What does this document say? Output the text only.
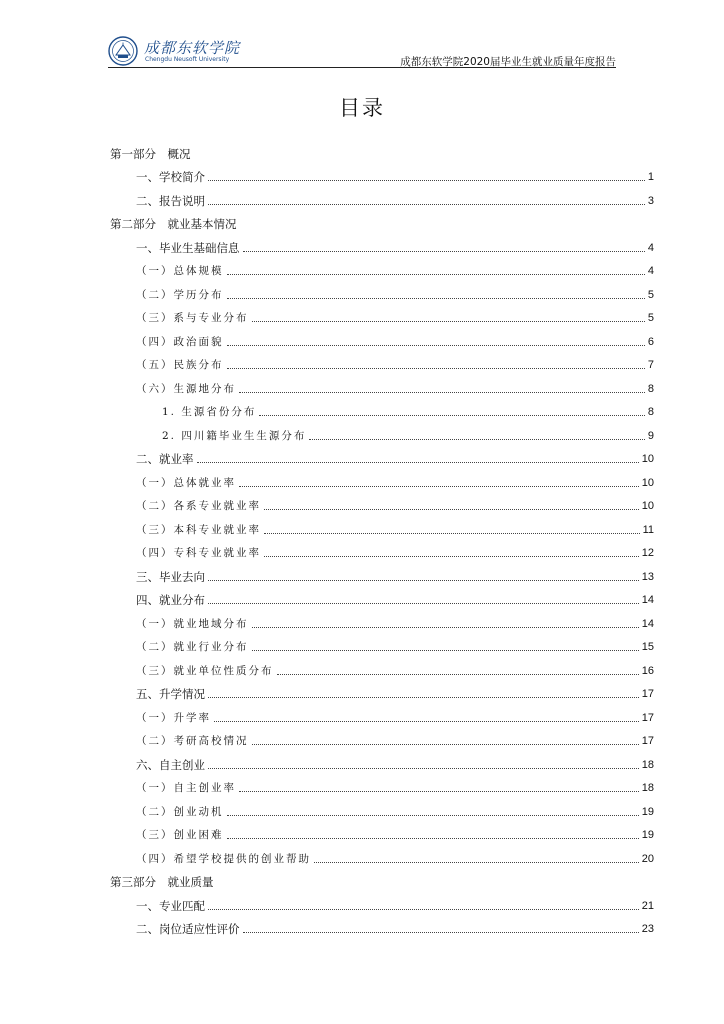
成都东软学院
Chengdu Neusoft University	成都东软学院2020届毕业生就业质量年度报告
目录
第一部分　概况
一、学校简介	1
二、报告说明	3
第二部分　就业基本情况
一、毕业生基础信息	4
（一）总体规模	4
（二）学历分布	5
（三）系与专业分布	5
（四）政治面貌	6
（五）民族分布	7
（六）生源地分布	8
1. 生源省份分布	8
2. 四川籍毕业生生源分布	9
二、就业率	10
（一）总体就业率	10
（二）各系专业就业率	10
（三）本科专业就业率	11
（四）专科专业就业率	12
三、毕业去向	13
四、就业分布	14
（一）就业地域分布	14
（二）就业行业分布	15
（三）就业单位性质分布	16
五、升学情况	17
（一）升学率	17
（二）考研高校情况	17
六、自主创业	18
（一）自主创业率	18
（二）创业动机	19
（三）创业困难	19
（四）希望学校提供的创业帮助	20
第三部分　就业质量
一、专业匹配	21
二、岗位适应性评价	23
